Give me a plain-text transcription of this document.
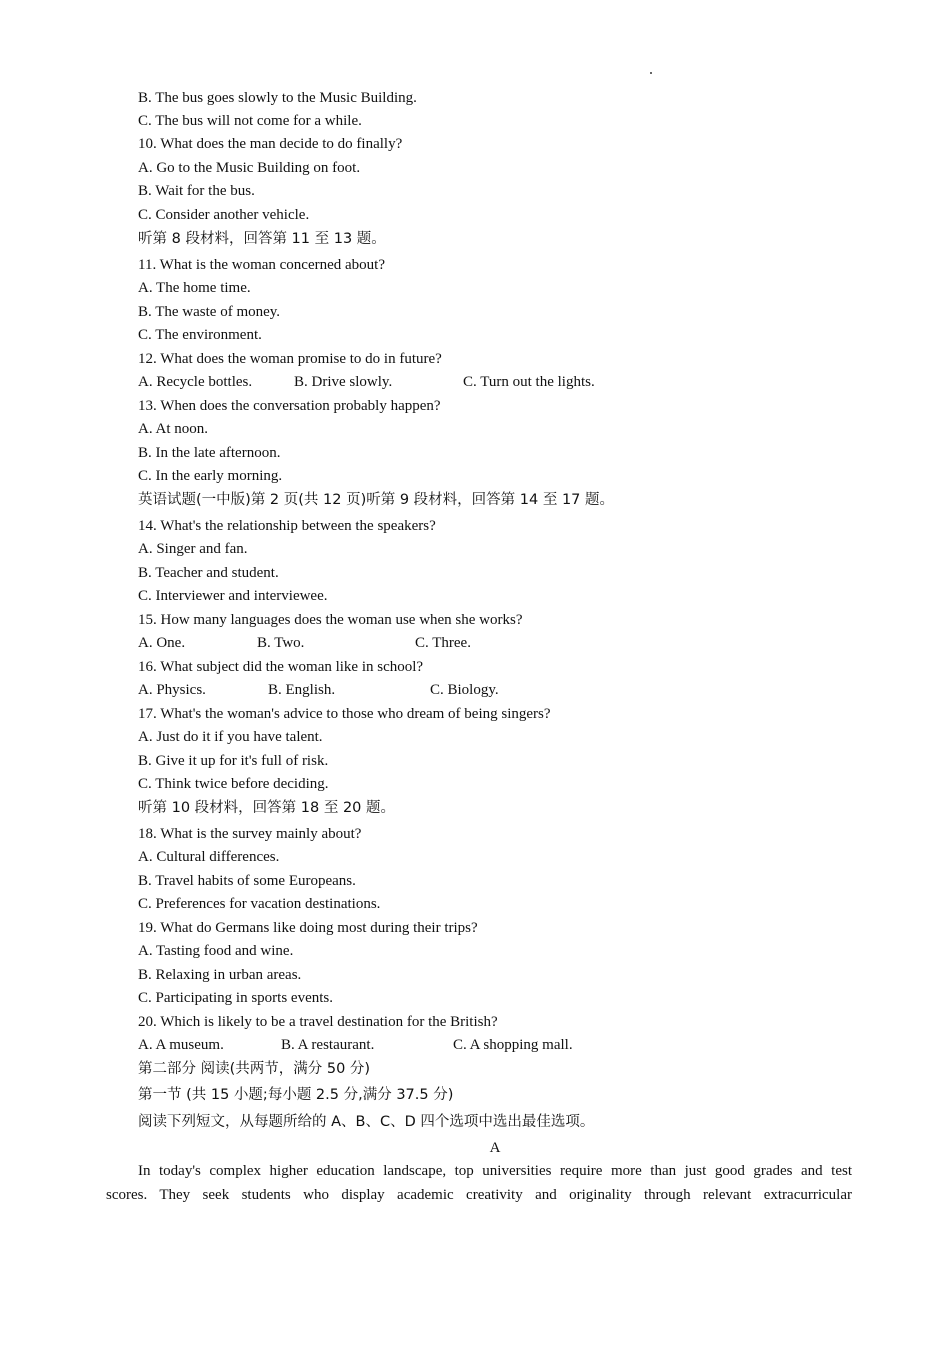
B. The bus goes slowly to the Music Building.
C. The bus will not come for a while.
10. What does the man decide to do finally?
A. Go to the Music Building on foot.
B. Wait for the bus.
C. Consider another vehicle.
听第 8 段材料，回答第 11 至 13 题。
11. What is the woman concerned about?
A. The home time.
B. The waste of money.
C. The environment.
12. What does the woman promise to do in future?
A. Recycle bottles.	B. Drive slowly.	C. Turn out the lights.
13. When does the conversation probably happen?
A. At noon.
B. In the late afternoon.
C. In the early morning.
英语试题(一中版)第 2 页(共 12 页)听第 9 段材料，回答第 14 至 17 题。
14. What's the relationship between the speakers?
A. Singer and fan.
B. Teacher and student.
C. Interviewer and interviewee.
15. How many languages does the woman use when she works?
A. One.	B. Two.	C. Three.
16. What subject did the woman like in school?
A. Physics.	B. English.	C. Biology.
17. What's the woman's advice to those who dream of being singers?
A. Just do it if you have talent.
B. Give it up for it's full of risk.
C. Think twice before deciding.
听第 10 段材料，回答第 18 至 20 题。
18. What is the survey mainly about?
A. Cultural differences.
B. Travel habits of some Europeans.
C. Preferences for vacation destinations.
19. What do Germans like doing most during their trips?
A. Tasting food and wine.
B. Relaxing in urban areas.
C. Participating in sports events.
20. Which is likely to be a travel destination for the British?
A. A museum.	B. A restaurant.	C. A shopping mall.
第二部分 阅读(共两节，满分 50 分)
第一节 (共 15 小题;每小题 2.5 分,满分 37.5 分)
阅读下列短文，从每题所给的 A、B、C、D 四个选项中选出最佳选项。
A
In today's complex higher education landscape, top universities require more than just good grades and test
scores. They seek students who display academic creativity and originality through relevant extracurricular
